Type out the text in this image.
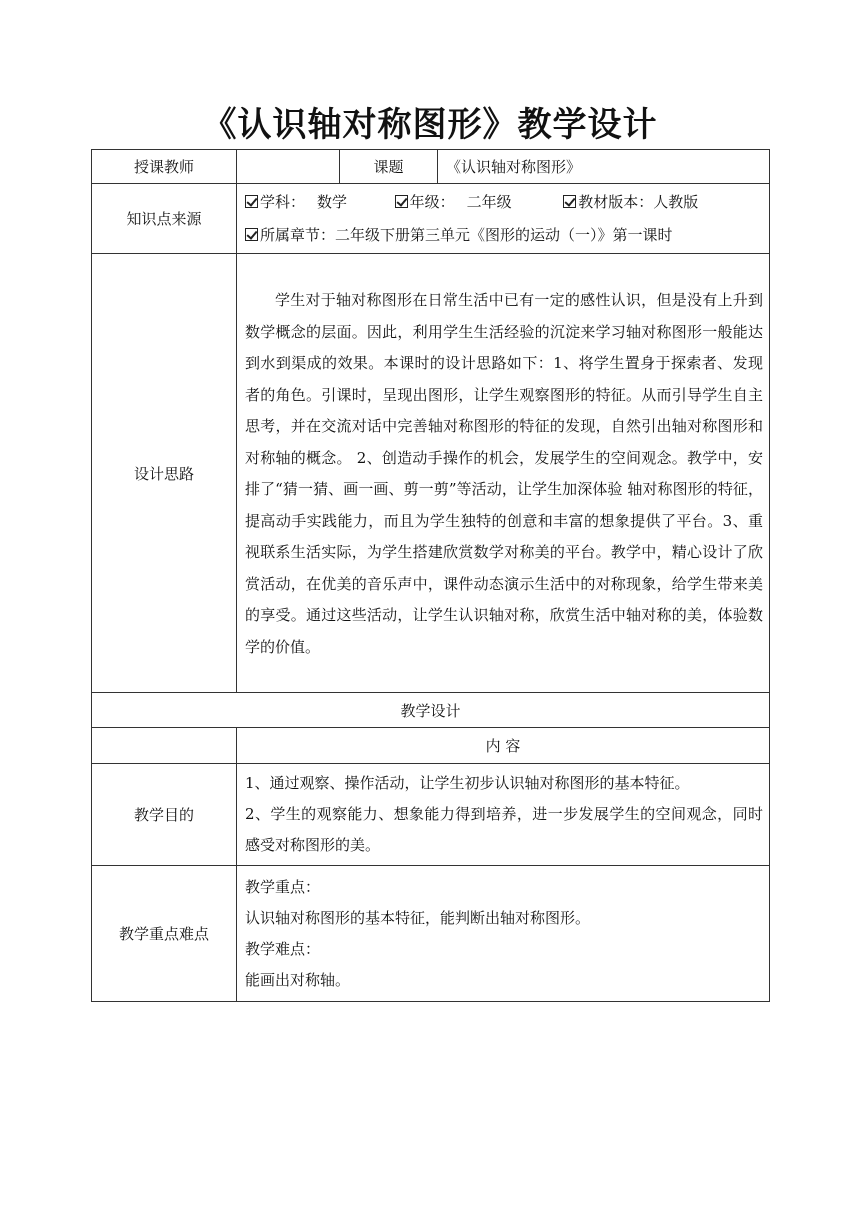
《认识轴对称图形》教学设计
授课教师		课题	《认识轴对称图形》
知识点来源	学科： 数学 年级： 二年级 教材版本：人教版
所属章节：二年级下册第三单元《图形的运动（一）》第一课时		

设计思路	学生对于轴对称图形在日常生活中已有一定的感性认识，但是没有上升到数学概念的层面。因此，利用学生生活经验的沉淀来学习轴对称图形一般能达到水到渠成的效果。本课时的设计思路如下：1、将学生置身于探索者、发现者的角色。引课时，呈现出图形，让学生观察图形的特征。从而引导学生自主思考，并在交流对话中完善轴对称图形的特征的发现，自然引出轴对称图形和对称轴的概念。 2、创造动手操作的机会，发展学生的空间观念。教学中，安排了“猜一猜、画一画、剪一剪”等活动，让学生加深体验 轴对称图形的特征，提高动手实践能力，而且为学生独特的创意和丰富的想象提供了平台。3、重视联系生活实际，为学生搭建欣赏数学对称美的平台。教学中，精心设计了欣赏活动，在优美的音乐声中，课件动态演示生活中的对称现象，给学生带来美的享受。通过这些活动，让学生认识轴对称，欣赏生活中轴对称的美，体验数学的价值。		
教学设计			
	内 容		
教学目的	1、通过观察、操作活动，让学生初步认识轴对称图形的基本特征。
2、学生的观察能力、想象能力得到培养，进一步发展学生的空间观念，同时感受对称图形的美。		

教学重点难点	教学重点：
认识轴对称图形的基本特征，能判断出轴对称图形。
教学难点：
能画出对称轴。		
